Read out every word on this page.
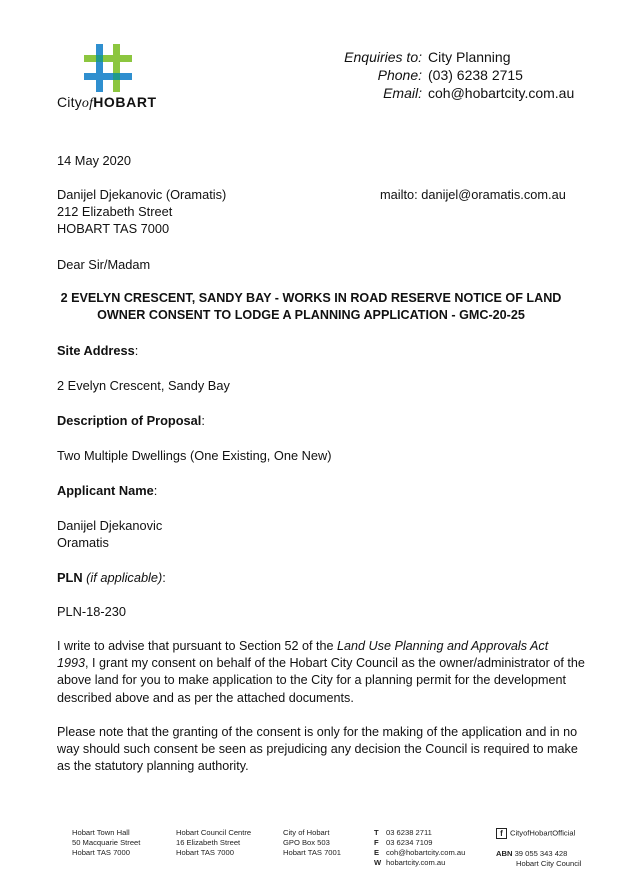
CityofHOBART
Enquiries to: City Planning
Phone: (03) 6238 2715
Email: coh@hobartcity.com.au
14 May 2020
Danijel Djekanovic (Oramatis)
212 Elizabeth Street
HOBART TAS 7000
mailto: danijel@oramatis.com.au
Dear Sir/Madam
2 EVELYN CRESCENT, SANDY BAY - WORKS IN ROAD RESERVE NOTICE OF LAND
OWNER CONSENT TO LODGE A PLANNING APPLICATION - GMC-20-25
Site Address:
2 Evelyn Crescent, Sandy Bay
Description of Proposal:
Two Multiple Dwellings (One Existing, One New)
Applicant Name:
Danijel Djekanovic
Oramatis
PLN (if applicable):
PLN-18-230
I write to advise that pursuant to Section 52 of the Land Use Planning and Approvals Act
1993, I grant my consent on behalf of the Hobart City Council as the owner/administrator of the
above land for you to make application to the City for a planning permit for the development
described above and as per the attached documents.
Please note that the granting of the consent is only for the making of the application and in no
way should such consent be seen as prejudicing any decision the Council is required to make
as the statutory planning authority.
Hobart Town Hall
50 Macquarie Street
Hobart TAS 7000
Hobart Council Centre
16 Elizabeth Street
Hobart TAS 7000
City of Hobart
GPO Box 503
Hobart TAS 7001
T 03 6238 2711
F 03 6234 7109
E coh@hobartcity.com.au
W hobartcity.com.au
f CityofHobartOfficial
ABN 39 055 343 428
Hobart City Council
